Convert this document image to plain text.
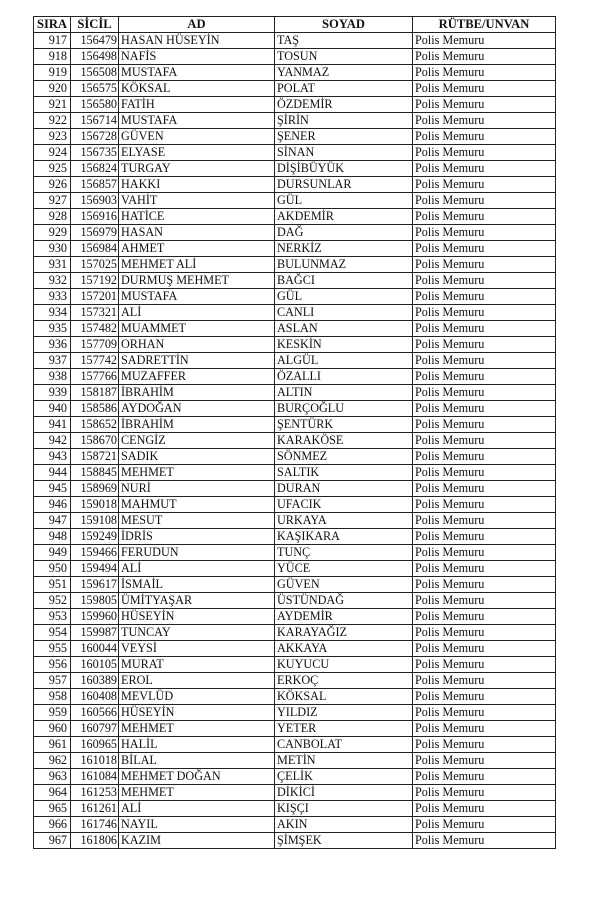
SIRA	SİCİL	AD	SOYAD	RÜTBE/UNVAN
917	156479	HASAN HÜSEYİN	TAŞ	Polis Memuru
918	156498	NAFİS	TOSUN	Polis Memuru
919	156508	MUSTAFA	YANMAZ	Polis Memuru
920	156575	KÖKSAL	POLAT	Polis Memuru
921	156580	FATİH	ÖZDEMİR	Polis Memuru
922	156714	MUSTAFA	ŞİRİN	Polis Memuru
923	156728	GÜVEN	ŞENER	Polis Memuru
924	156735	ELYASE	SİNAN	Polis Memuru
925	156824	TURGAY	DİŞİBÜYÜK	Polis Memuru
926	156857	HAKKI	DURSUNLAR	Polis Memuru
927	156903	VAHİT	GÜL	Polis Memuru
928	156916	HATİCE	AKDEMİR	Polis Memuru
929	156979	HASAN	DAĞ	Polis Memuru
930	156984	AHMET	NERKİZ	Polis Memuru
931	157025	MEHMET ALİ	BULUNMAZ	Polis Memuru
932	157192	DURMUŞ MEHMET	BAĞCI	Polis Memuru
933	157201	MUSTAFA	GÜL	Polis Memuru
934	157321	ALİ	CANLI	Polis Memuru
935	157482	MUAMMET	ASLAN	Polis Memuru
936	157709	ORHAN	KESKİN	Polis Memuru
937	157742	SADRETTİN	ALGÜL	Polis Memuru
938	157766	MUZAFFER	ÖZALLI	Polis Memuru
939	158187	İBRAHİM	ALTIN	Polis Memuru
940	158586	AYDOĞAN	BURÇOĞLU	Polis Memuru
941	158652	İBRAHİM	ŞENTÜRK	Polis Memuru
942	158670	CENGİZ	KARAKÖSE	Polis Memuru
943	158721	SADIK	SÖNMEZ	Polis Memuru
944	158845	MEHMET	SALTIK	Polis Memuru
945	158969	NURİ	DURAN	Polis Memuru
946	159018	MAHMUT	UFACIK	Polis Memuru
947	159108	MESUT	URKAYA	Polis Memuru
948	159249	İDRİS	KAŞIKARA	Polis Memuru
949	159466	FERUDUN	TUNÇ	Polis Memuru
950	159494	ALİ	YÜCE	Polis Memuru
951	159617	İSMAİL	GÜVEN	Polis Memuru
952	159805	ÜMİTYAŞAR	ÜSTÜNDAĞ	Polis Memuru
953	159960	HÜSEYİN	AYDEMİR	Polis Memuru
954	159987	TUNCAY	KARAYAĞIZ	Polis Memuru
955	160044	VEYSİ	AKKAYA	Polis Memuru
956	160105	MURAT	KUYUCU	Polis Memuru
957	160389	EROL	ERKOÇ	Polis Memuru
958	160408	MEVLÜD	KÖKSAL	Polis Memuru
959	160566	HÜSEYİN	YILDIZ	Polis Memuru
960	160797	MEHMET	YETER	Polis Memuru
961	160965	HALİL	CANBOLAT	Polis Memuru
962	161018	BİLAL	METİN	Polis Memuru
963	161084	MEHMET DOĞAN	ÇELİK	Polis Memuru
964	161253	MEHMET	DİKİCİ	Polis Memuru
965	161261	ALİ	KIŞÇI	Polis Memuru
966	161746	NAYIL	AKIN	Polis Memuru
967	161806	KAZIM	ŞİMŞEK	Polis Memuru
